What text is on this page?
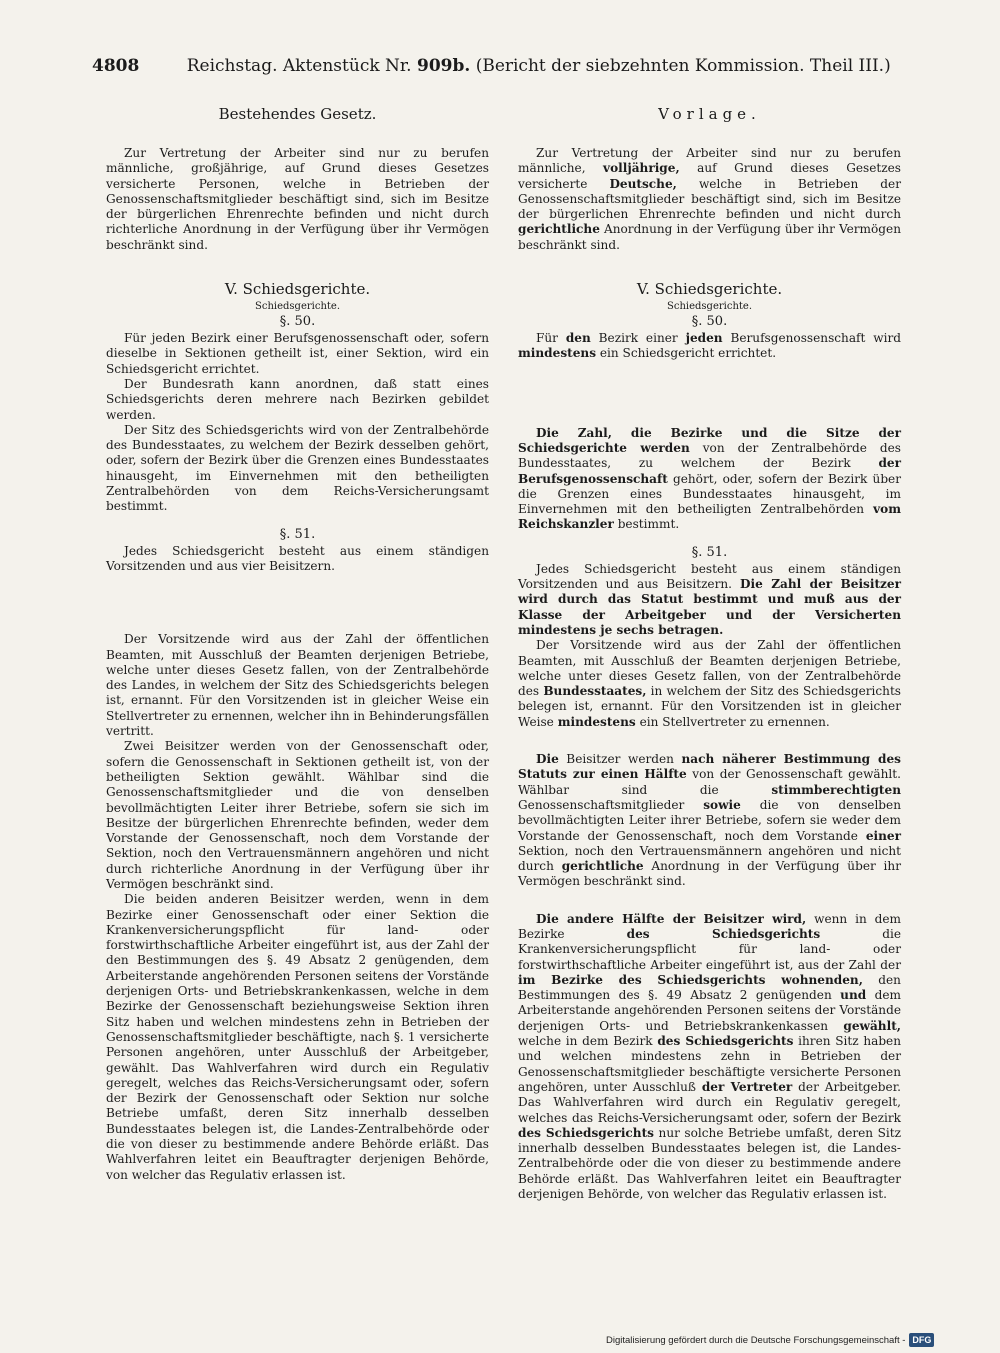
4808	Reichstag. Aktenstück Nr. 909b. (Bericht der siebzehnten Kommission. Theil III.)
Bestehendes Gesetz.

Zur Vertretung der Arbeiter sind nur zu berufen männliche, großjährige, auf Grund dieses Gesetzes versicherte Personen, welche in Betrieben der Genossenschaftsmitglieder beschäftigt sind, sich im Besitze der bürgerlichen Ehrenrechte befinden und nicht durch richterliche Anordnung in der Verfügung über ihr Vermögen beschränkt sind.

V. Schiedsgerichte.
Schiedsgerichte.
§. 50.

Für jeden Bezirk einer Berufsgenossenschaft oder, sofern dieselbe in Sektionen getheilt ist, einer Sektion, wird ein Schiedsgericht errichtet.

Der Bundesrath kann anordnen, daß statt eines Schiedsgerichts deren mehrere nach Bezirken gebildet werden.

Der Sitz des Schiedsgerichts wird von der Zentralbehörde des Bundesstaates, zu welchem der Bezirk desselben gehört, oder, sofern der Bezirk über die Grenzen eines Bundesstaates hinausgeht, im Einvernehmen mit den betheiligten Zentralbehörden von dem Reichs-Versicherungsamt bestimmt.

§. 51.

Jedes Schiedsgericht besteht aus einem ständigen Vorsitzenden und aus vier Beisitzern.

Der Vorsitzende wird aus der Zahl der öffentlichen Beamten, mit Ausschluß der Beamten derjenigen Betriebe, welche unter dieses Gesetz fallen, von der Zentralbehörde des Landes, in welchem der Sitz des Schiedsgerichts belegen ist, ernannt. Für den Vorsitzenden ist in gleicher Weise ein Stellvertreter zu ernennen, welcher ihn in Behinderungsfällen vertritt.

Zwei Beisitzer werden von der Genossenschaft oder, sofern die Genossenschaft in Sektionen getheilt ist, von der betheiligten Sektion gewählt. Wählbar sind die Genossenschaftsmitglieder und die von denselben bevollmächtigten Leiter ihrer Betriebe, sofern sie sich im Besitze der bürgerlichen Ehrenrechte befinden, weder dem Vorstande der Genossenschaft, noch dem Vorstande der Sektion, noch den Vertrauensmännern angehören und nicht durch richterliche Anordnung in der Verfügung über ihr Vermögen beschränkt sind.

Die beiden anderen Beisitzer werden, wenn in dem Bezirke einer Genossenschaft oder einer Sektion die Krankenversicherungspflicht für land- oder forstwirthschaftliche Arbeiter eingeführt ist, aus der Zahl der den Bestimmungen des §. 49 Absatz 2 genügenden, dem Arbeiterstande angehörenden Personen seitens der Vorstände derjenigen Orts- und Betriebskrankenkassen, welche in dem Bezirke der Genossenschaft beziehungsweise Sektion ihren Sitz haben und welchen mindestens zehn in Betrieben der Genossenschaftsmitglieder beschäftigte, nach §. 1 versicherte Personen angehören, unter Ausschluß der Arbeitgeber, gewählt. Das Wahlverfahren wird durch ein Regulativ geregelt, welches das Reichs-Versicherungsamt oder, sofern der Bezirk der Genossenschaft oder Sektion nur solche Betriebe umfaßt, deren Sitz innerhalb desselben Bundesstaates belegen ist, die Landes-Zentralbehörde oder die von dieser zu bestimmende andere Behörde erläßt. Das Wahlverfahren leitet ein Beauftragter derjenigen Behörde, von welcher das Regulativ erlassen ist.

Vorlage.

Zur Vertretung der Arbeiter sind nur zu berufen männliche, volljährige, auf Grund dieses Gesetzes versicherte Deutsche, welche in Betrieben der Genossenschaftsmitglieder beschäftigt sind, sich im Besitze der bürgerlichen Ehrenrechte befinden und nicht durch gerichtliche Anordnung in der Verfügung über ihr Vermögen beschränkt sind.

V. Schiedsgerichte.
Schiedsgerichte.
§. 50.

Für den Bezirk einer jeden Berufsgenossenschaft wird mindestens ein Schiedsgericht errichtet.

Die Zahl, die Bezirke und die Sitze der Schiedsgerichte werden von der Zentralbehörde des Bundesstaates, zu welchem der Bezirk der Berufsgenossenschaft gehört, oder, sofern der Bezirk über die Grenzen eines Bundesstaates hinausgeht, im Einvernehmen mit den betheiligten Zentralbehörden vom Reichskanzler bestimmt.

§. 51.

Jedes Schiedsgericht besteht aus einem ständigen Vorsitzenden und aus Beisitzern. Die Zahl der Beisitzer wird durch das Statut bestimmt und muß aus der Klasse der Arbeitgeber und der Versicherten mindestens je sechs betragen.

Der Vorsitzende wird aus der Zahl der öffentlichen Beamten, mit Ausschluß der Beamten derjenigen Betriebe, welche unter dieses Gesetz fallen, von der Zentralbehörde des Bundesstaates, in welchem der Sitz des Schiedsgerichts belegen ist, ernannt. Für den Vorsitzenden ist in gleicher Weise mindestens ein Stellvertreter zu ernennen.

Die Beisitzer werden nach näherer Bestimmung des Statuts zur einen Hälfte von der Genossenschaft gewählt. Wählbar sind die stimmberechtigten Genossenschaftsmitglieder sowie die von denselben bevollmächtigten Leiter ihrer Betriebe, sofern sie weder dem Vorstande der Genossenschaft, noch dem Vorstande einer Sektion, noch den Vertrauensmännern angehören und nicht durch gerichtliche Anordnung in der Verfügung über ihr Vermögen beschränkt sind.

Die andere Hälfte der Beisitzer wird, wenn in dem Bezirke des Schiedsgerichts die Krankenversicherungspflicht für land- oder forstwirthschaftliche Arbeiter eingeführt ist, aus der Zahl der im Bezirke des Schiedsgerichts wohnenden, den Bestimmungen des §. 49 Absatz 2 genügenden und dem Arbeiterstande angehörenden Personen seitens der Vorstände derjenigen Orts- und Betriebskrankenkassen gewählt, welche in dem Bezirk des Schiedsgerichts ihren Sitz haben und welchen mindestens zehn in Betrieben der Genossenschaftsmitglieder beschäftigte versicherte Personen angehören, unter Ausschluß der Vertreter der Arbeitgeber. Das Wahlverfahren wird durch ein Regulativ geregelt, welches das Reichs-Versicherungsamt oder, sofern der Bezirk des Schiedsgerichts nur solche Betriebe umfaßt, deren Sitz innerhalb desselben Bundesstaates belegen ist, die Landes-Zentralbehörde oder die von dieser zu bestimmende andere Behörde erläßt. Das Wahlverfahren leitet ein Beauftragter derjenigen Behörde, von welcher das Regulativ erlassen ist.

Digitalisierung gefördert durch die Deutsche Forschungsgemeinschaft - DFG
